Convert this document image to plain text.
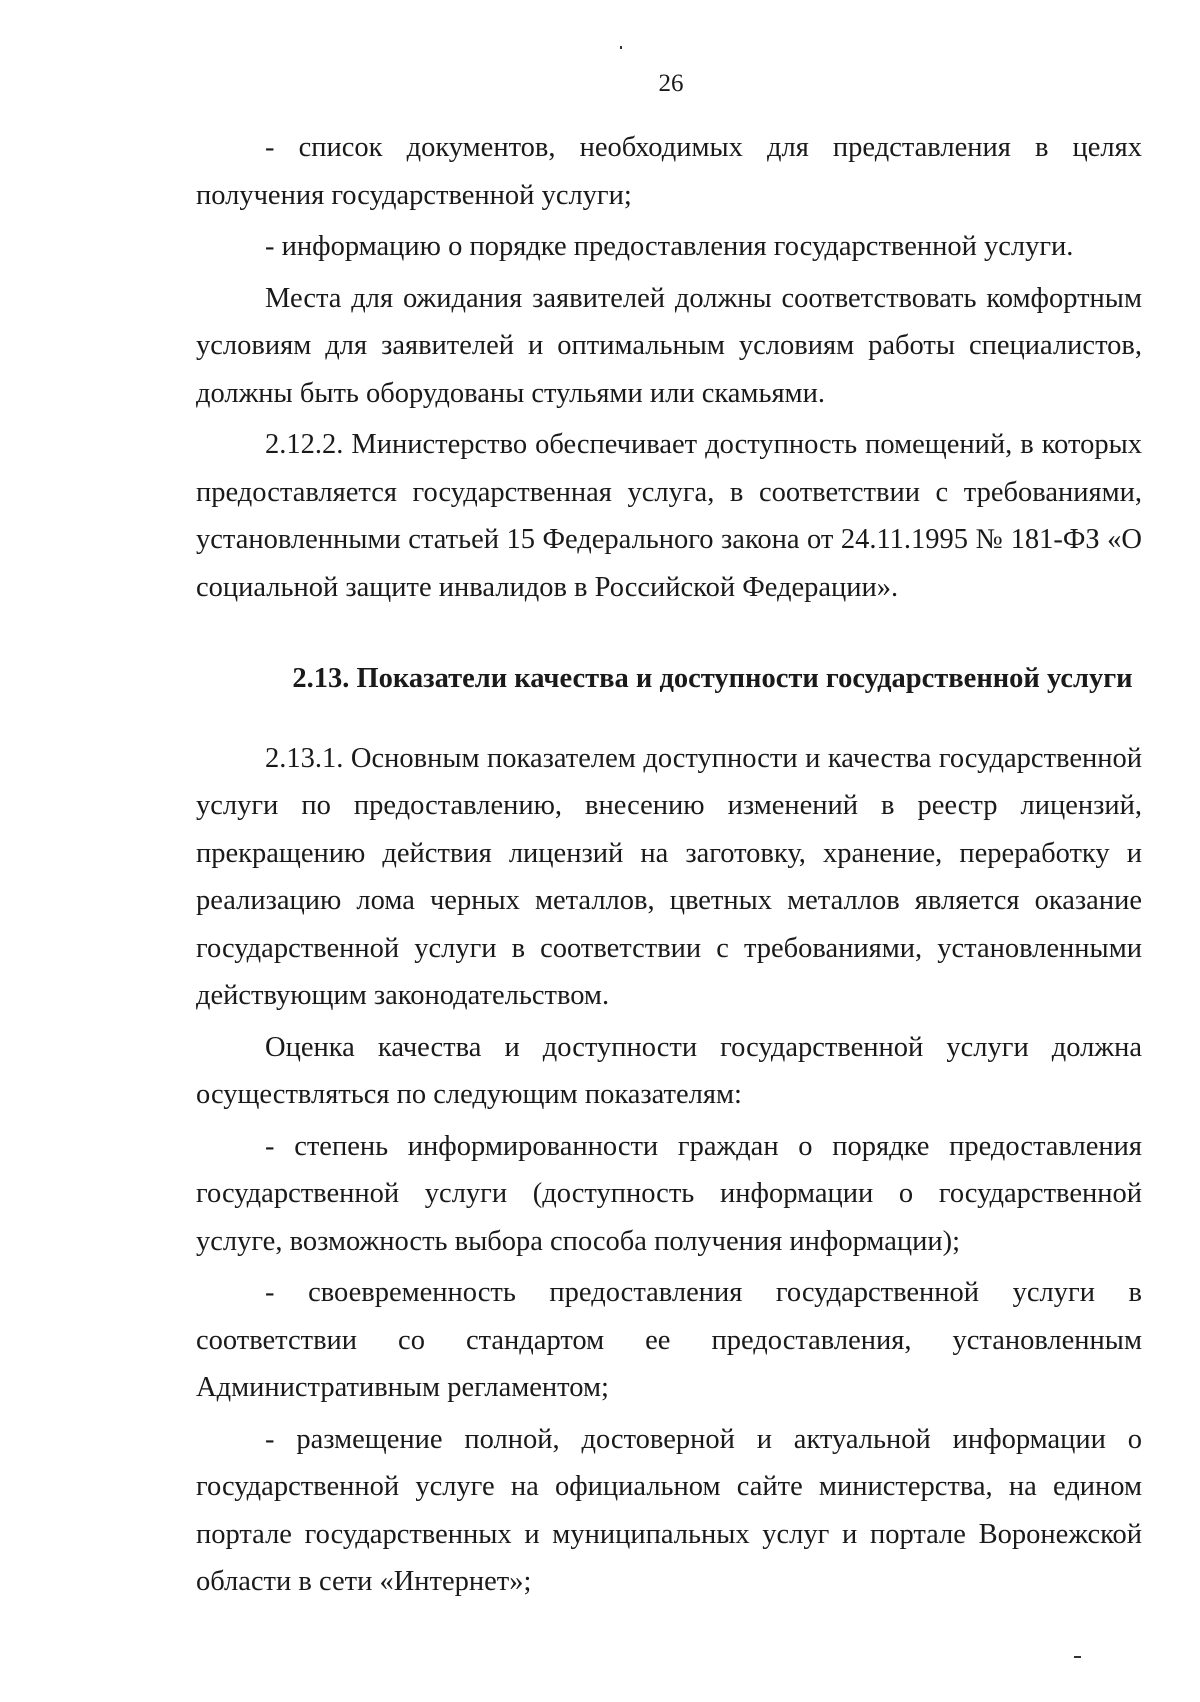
26

- список документов, необходимых для представления в целях получения государственной услуги;

- информацию о порядке предоставления государственной услуги.

Места для ожидания заявителей должны соответствовать комфортным условиям для заявителей и оптимальным условиям работы специалистов, должны быть оборудованы стульями или скамьями.

2.12.2. Министерство обеспечивает доступность помещений, в которых предоставляется государственная услуга, в соответствии с требованиями, установленными статьей 15 Федерального закона от 24.11.1995 № 181-ФЗ «О социальной защите инвалидов в Российской Федерации».

2.13. Показатели качества и доступности государственной услуги

2.13.1. Основным показателем доступности и качества государственной услуги по предоставлению, внесению изменений в реестр лицензий, прекращению действия лицензий на заготовку, хранение, переработку и реализацию лома черных металлов, цветных металлов является оказание государственной услуги в соответствии с требованиями, установленными действующим законодательством.

Оценка качества и доступности государственной услуги должна осуществляться по следующим показателям:

- степень информированности граждан о порядке предоставления государственной услуги (доступность информации о государственной услуге, возможность выбора способа получения информации);

- своевременность предоставления государственной услуги в соответствии со стандартом ее предоставления, установленным Административным регламентом;

- размещение полной, достоверной и актуальной информации о государственной услуге на официальном сайте министерства, на едином портале государственных и муниципальных услуг и портале Воронежской области в сети «Интернет»;
